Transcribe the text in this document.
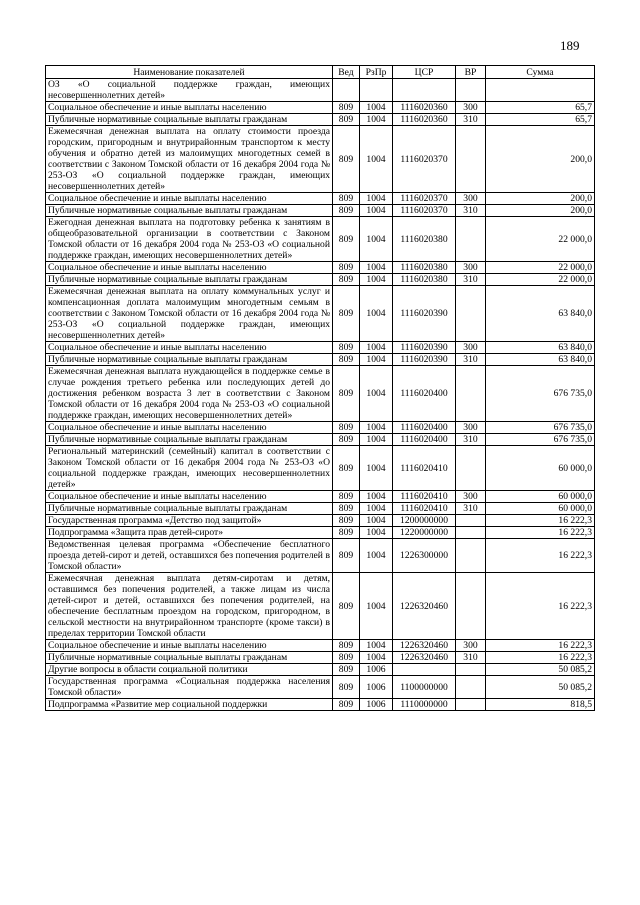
189
Наименование показателей	Вед	РзПр	ЦСР	ВР	Сумма
ОЗ «О социальной поддержке граждан, имеющих несовершеннолетних детей»					
Социальное обеспечение и иные выплаты населению	809	1004	1116020360	300	65,7
Публичные нормативные социальные выплаты гражданам	809	1004	1116020360	310	65,7
Ежемесячная денежная выплата на оплату стоимости проезда городским, пригородным и внутрирайонным транспортом к месту обучения и обратно детей из малоимущих многодетных семей в соответствии с Законом Томской области от 16 декабря 2004 года № 253-ОЗ «О социальной поддержке граждан, имеющих несовершеннолетних детей»	809	1004	1116020370		200,0
Социальное обеспечение и иные выплаты населению	809	1004	1116020370	300	200,0
Публичные нормативные социальные выплаты гражданам	809	1004	1116020370	310	200,0
Ежегодная денежная выплата на подготовку ребенка к занятиям в общеобразовательной организации в соответствии с Законом Томской области от 16 декабря 2004 года № 253-ОЗ «О социальной поддержке граждан, имеющих несовершеннолетних детей»	809	1004	1116020380		22 000,0
Социальное обеспечение и иные выплаты населению	809	1004	1116020380	300	22 000,0
Публичные нормативные социальные выплаты гражданам	809	1004	1116020380	310	22 000,0
Ежемесячная денежная выплата на оплату коммунальных услуг и компенсационная доплата малоимущим многодетным семьям в соответствии с Законом Томской области от 16 декабря 2004 года № 253-ОЗ «О социальной поддержке граждан, имеющих несовершеннолетних детей»	809	1004	1116020390		63 840,0
Социальное обеспечение и иные выплаты населению	809	1004	1116020390	300	63 840,0
Публичные нормативные социальные выплаты гражданам	809	1004	1116020390	310	63 840,0
Ежемесячная денежная выплата нуждающейся в поддержке семье в случае рождения третьего ребенка или последующих детей до достижения ребенком возраста 3 лет в соответствии с Законом Томской области от 16 декабря 2004 года № 253-ОЗ «О социальной поддержке граждан, имеющих несовершеннолетних детей»	809	1004	1116020400		676 735,0
Социальное обеспечение и иные выплаты населению	809	1004	1116020400	300	676 735,0
Публичные нормативные социальные выплаты гражданам	809	1004	1116020400	310	676 735,0
Региональный материнский (семейный) капитал в соответствии с Законом Томской области от 16 декабря 2004 года № 253-ОЗ «О социальной поддержке граждан, имеющих несовершеннолетних детей»	809	1004	1116020410		60 000,0
Социальное обеспечение и иные выплаты населению	809	1004	1116020410	300	60 000,0
Публичные нормативные социальные выплаты гражданам	809	1004	1116020410	310	60 000,0
Государственная программа «Детство под защитой»	809	1004	1200000000		16 222,3
Подпрограмма «Защита прав детей-сирот»	809	1004	1220000000		16 222,3
Ведомственная целевая программа «Обеспечение бесплатного проезда детей-сирот и детей, оставшихся без попечения родителей в Томской области»	809	1004	1226300000		16 222,3
Ежемесячная денежная выплата детям-сиротам и детям, оставшимся без попечения родителей, а также лицам из числа детей-сирот и детей, оставшихся без попечения родителей, на обеспечение бесплатным проездом на городском, пригородном, в сельской местности на внутрирайонном транспорте (кроме такси) в пределах территории Томской области	809	1004	1226320460		16 222,3
Социальное обеспечение и иные выплаты населению	809	1004	1226320460	300	16 222,3
Публичные нормативные социальные выплаты гражданам	809	1004	1226320460	310	16 222,3
Другие вопросы в области социальной политики	809	1006			50 085,2
Государственная программа «Социальная поддержка населения Томской области»	809	1006	1100000000		50 085,2
Подпрограмма «Развитие мер социальной поддержки	809	1006	1110000000		818,5
